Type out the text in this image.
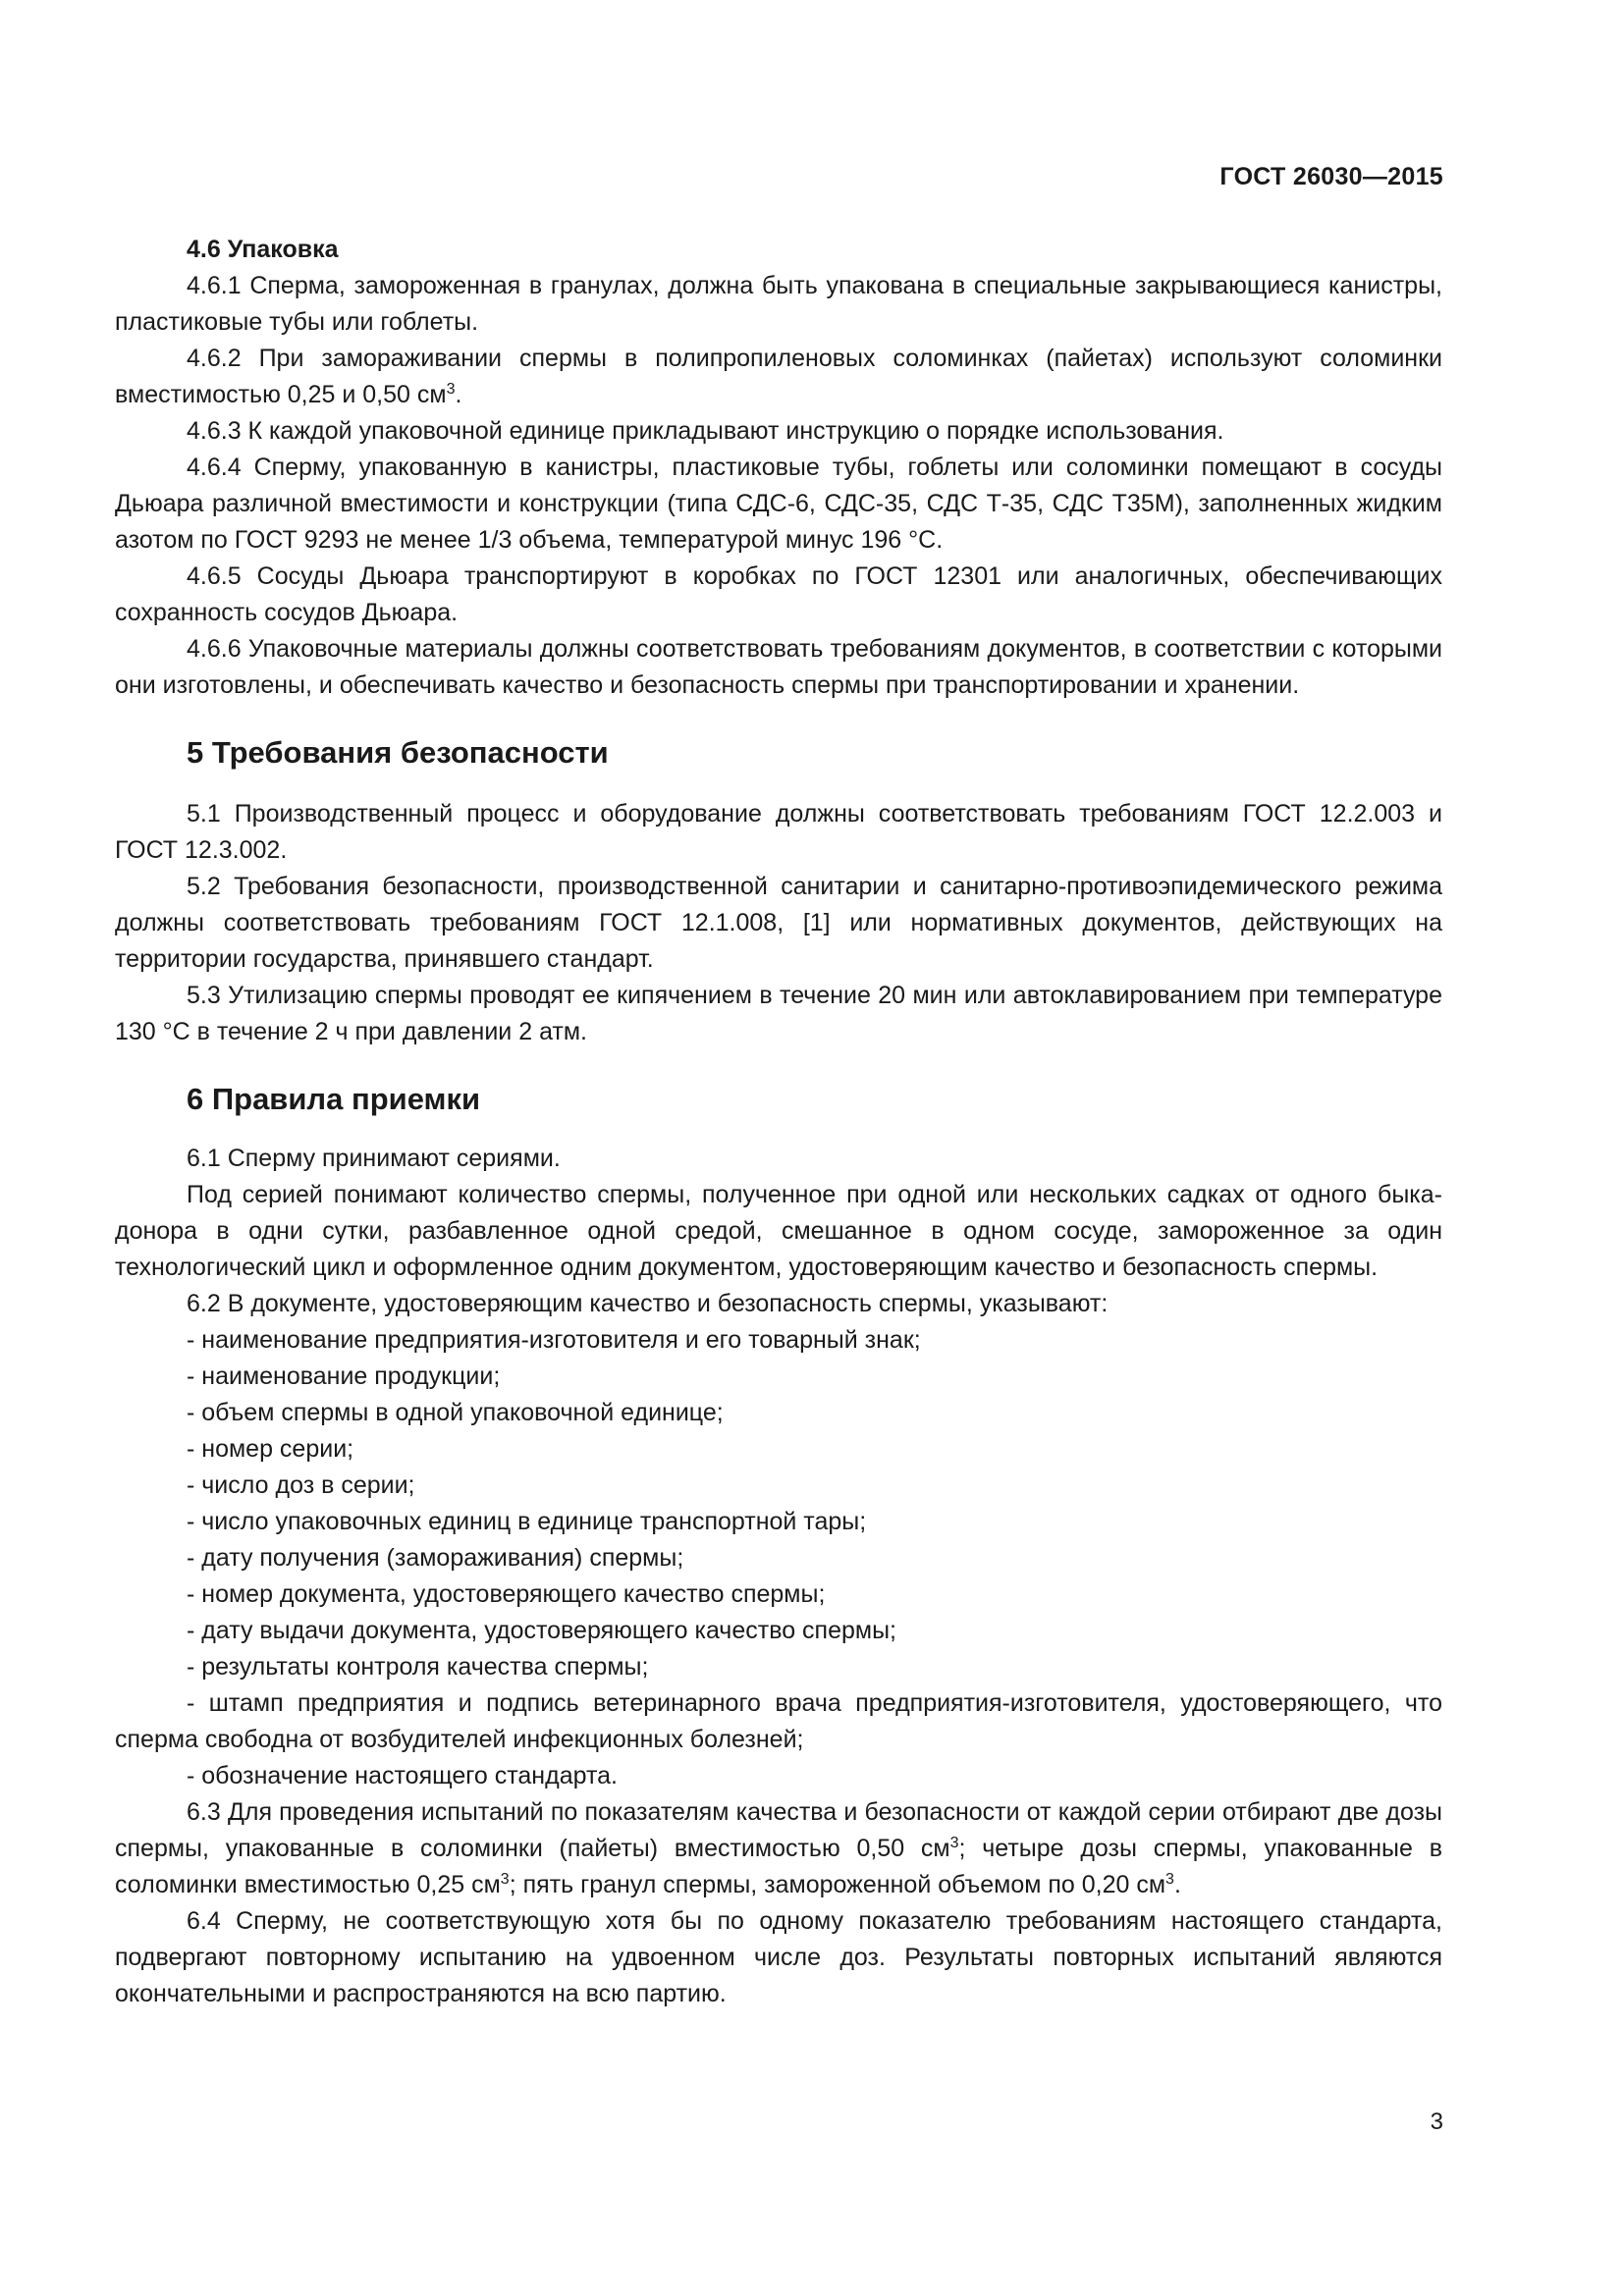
ГОСТ 26030—2015
4.6 Упаковка

4.6.1 Сперма, замороженная в гранулах, должна быть упакована в специальные закрывающиеся канистры, пластиковые тубы или гоблеты.

4.6.2 При замораживании спермы в полипропиленовых соломинках (пайетах) используют соломинки вместимостью 0,25 и 0,50 $см^3$.

4.6.3 К каждой упаковочной единице прикладывают инструкцию о порядке использования.

4.6.4 Сперму, упакованную в канистры, пластиковые тубы, гоблеты или соломинки помещают в сосуды Дьюара различной вместимости и конструкции (типа СДС-6, СДС-35, СДС Т-35, СДС Т35М), заполненных жидким азотом по ГОСТ 9293 не менее 1/3 объема, температурой минус 196 °С.

4.6.5 Сосуды Дьюара транспортируют в коробках по ГОСТ 12301 или аналогичных, обеспечивающих сохранность сосудов Дьюара.

4.6.6 Упаковочные материалы должны соответствовать требованиям документов, в соответствии с которыми они изготовлены, и обеспечивать качество и безопасность спермы при транспортировании и хранении.

5 Требования безопасности

5.1 Производственный процесс и оборудование должны соответствовать требованиям ГОСТ 12.2.003 и ГОСТ 12.3.002.

5.2 Требования безопасности, производственной санитарии и санитарно-противоэпидемического режима должны соответствовать требованиям ГОСТ 12.1.008, [1] или нормативных документов, действующих на территории государства, принявшего стандарт.

5.3 Утилизацию спермы проводят ее кипячением в течение 20 мин или автоклавированием при температуре 130 °С в течение 2 ч при давлении 2 атм.

6 Правила приемки

6.1 Сперму принимают сериями.

Под серией понимают количество спермы, полученное при одной или нескольких садках от одного быка-донора в одни сутки, разбавленное одной средой, смешанное в одном сосуде, замороженное за один технологический цикл и оформленное одним документом, удостоверяющим качество и безопасность спермы.

6.2 В документе, удостоверяющим качество и безопасность спермы, указывают:

- наименование предприятия-изготовителя и его товарный знак;
- наименование продукции;
- объем спермы в одной упаковочной единице;
- номер серии;
- число доз в серии;
- число упаковочных единиц в единице транспортной тары;
- дату получения (замораживания) спермы;
- номер документа, удостоверяющего качество спермы;
- дату выдачи документа, удостоверяющего качество спермы;
- результаты контроля качества спермы;

- штамп предприятия и подпись ветеринарного врача предприятия-изготовителя, удостоверяющего, что сперма свободна от возбудителей инфекционных болезней;

- обозначение настоящего стандарта.

6.3 Для проведения испытаний по показателям качества и безопасности от каждой серии отбирают две дозы спермы, упакованные в соломинки (пайеты) вместимостью 0,50 $см^3$; четыре дозы спермы, упакованные в соломинки вместимостью 0,25 $см^3$; пять гранул спермы, замороженной объемом по 0,20 $см^3$.

6.4 Сперму, не соответствующую хотя бы по одному показателю требованиям настоящего стандарта, подвергают повторному испытанию на удвоенном числе доз. Результаты повторных испытаний являются окончательными и распространяются на всю партию.

3
